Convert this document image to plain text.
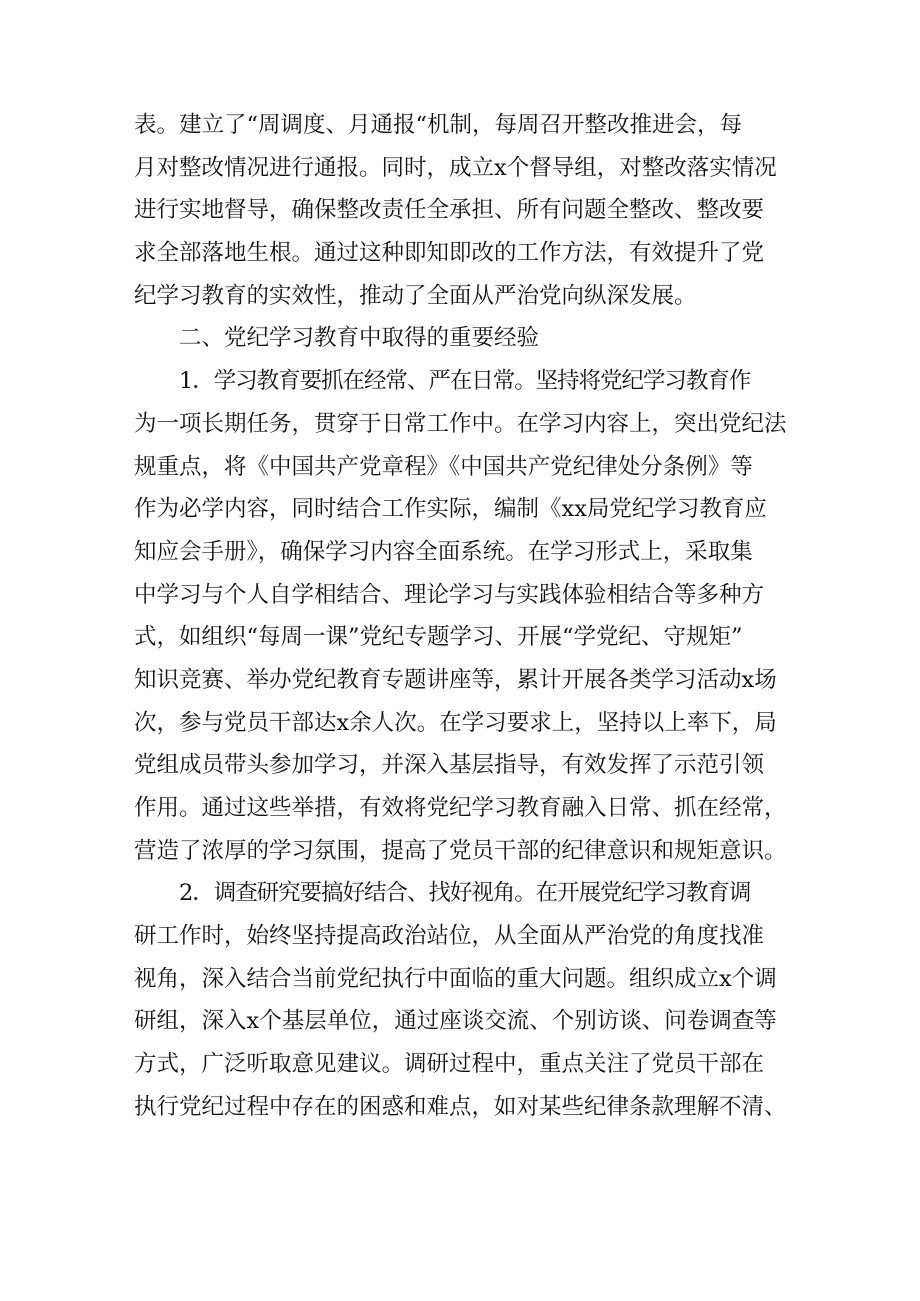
表。建立了“周调度、月通报“机制，每周召开整改推进会，每
月对整改情况进行通报。同时，成立x个督导组，对整改落实情况
进行实地督导，确保整改责任全承担、所有问题全整改、整改要
求全部落地生根。通过这种即知即改的工作方法，有效提升了党
纪学习教育的实效性，推动了全面从严治党向纵深发展。
二、党纪学习教育中取得的重要经验
1．学习教育要抓在经常、严在日常。坚持将党纪学习教育作
为一项长期任务，贯穿于日常工作中。在学习内容上，突出党纪法
规重点，将《中国共产党章程》《中国共产党纪律处分条例》等
作为必学内容，同时结合工作实际，编制《xx局党纪学习教育应
知应会手册》，确保学习内容全面系统。在学习形式上，采取集
中学习与个人自学相结合、理论学习与实践体验相结合等多种方
式，如组织“每周一课”党纪专题学习、开展“学党纪、守规矩”
知识竞赛、举办党纪教育专题讲座等，累计开展各类学习活动x场
次，参与党员干部达x余人次。在学习要求上，坚持以上率下，局
党组成员带头参加学习，并深入基层指导，有效发挥了示范引领
作用。通过这些举措，有效将党纪学习教育融入日常、抓在经常，
营造了浓厚的学习氛围，提高了党员干部的纪律意识和规矩意识。
2．调查研究要搞好结合、找好视角。在开展党纪学习教育调
研工作时，始终坚持提高政治站位，从全面从严治党的角度找准
视角，深入结合当前党纪执行中面临的重大问题。组织成立x个调
研组，深入x个基层单位，通过座谈交流、个别访谈、问卷调查等
方式，广泛听取意见建议。调研过程中，重点关注了党员干部在
执行党纪过程中存在的困惑和难点，如对某些纪律条款理解不清、
